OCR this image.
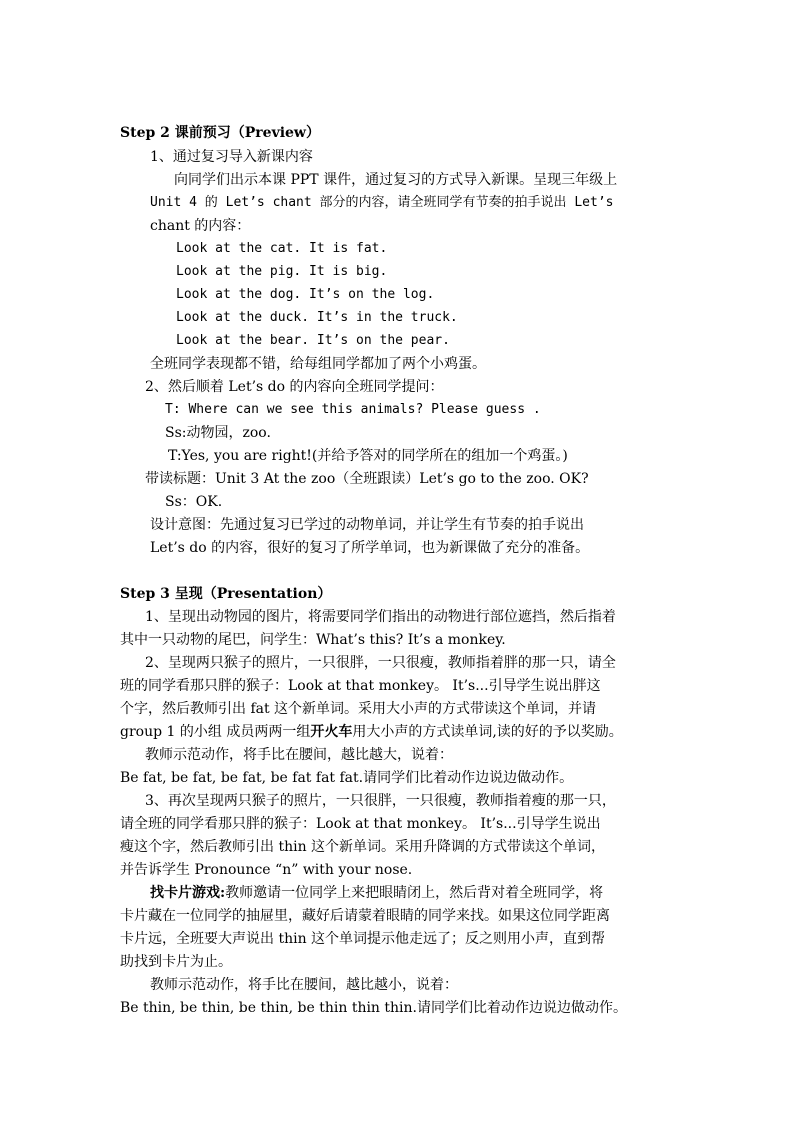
Step 2 课前预习（Preview）
1、通过复习导入新课内容
向同学们出示本课 PPT 课件，通过复习的方式导入新课。呈现三年级上
Unit 4 的 Let’s chant 部分的内容，请全班同学有节奏的拍手说出 Let’s
chant 的内容：
Look at the cat. It is fat.
Look at the pig. It is big.
Look at the dog. It’s on the log.
Look at the duck. It’s in the truck.
Look at the bear. It’s on the pear.
全班同学表现都不错，给每组同学都加了两个小鸡蛋。
2、然后顺着 Let’s do 的内容向全班同学提问：
T: Where can we see this animals? Please guess .
Ss:动物园，zoo.
T:Yes, you are right!(并给予答对的同学所在的组加一个鸡蛋。)
带读标题：Unit 3 At the zoo（全班跟读）Let’s go to the zoo. OK?
Ss：OK.
设计意图：先通过复习已学过的动物单词，并让学生有节奏的拍手说出
Let’s do 的内容，很好的复习了所学单词，也为新课做了充分的准备。
Step 3 呈现（Presentation）
1、呈现出动物园的图片，将需要同学们指出的动物进行部位遮挡，然后指着
其中一只动物的尾巴，问学生：What’s this? It’s a monkey.
2、呈现两只猴子的照片，一只很胖，一只很瘦，教师指着胖的那一只，请全
班的同学看那只胖的猴子：Look at that monkey。 It’s...引导学生说出胖这
个字，然后教师引出 fat 这个新单词。采用大小声的方式带读这个单词，并请
group 1 的小组 成员两两一组开火车用大小声的方式读单词,读的好的予以奖励。
教师示范动作，将手比在腰间，越比越大，说着：
Be fat, be fat, be fat, be fat fat fat.请同学们比着动作边说边做动作。
3、再次呈现两只猴子的照片，一只很胖，一只很瘦，教师指着瘦的那一只，
请全班的同学看那只胖的猴子：Look at that monkey。 It’s...引导学生说出
瘦这个字，然后教师引出 thin 这个新单词。采用升降调的方式带读这个单词，
并告诉学生 Pronounce “n” with your nose.
找卡片游戏:教师邀请一位同学上来把眼睛闭上，然后背对着全班同学，将
卡片藏在一位同学的抽屉里，藏好后请蒙着眼睛的同学来找。如果这位同学距离
卡片远，全班要大声说出 thin 这个单词提示他走远了；反之则用小声，直到帮
助找到卡片为止。
教师示范动作，将手比在腰间，越比越小，说着：
Be thin, be thin, be thin, be thin thin thin.请同学们比着动作边说边做动作。
